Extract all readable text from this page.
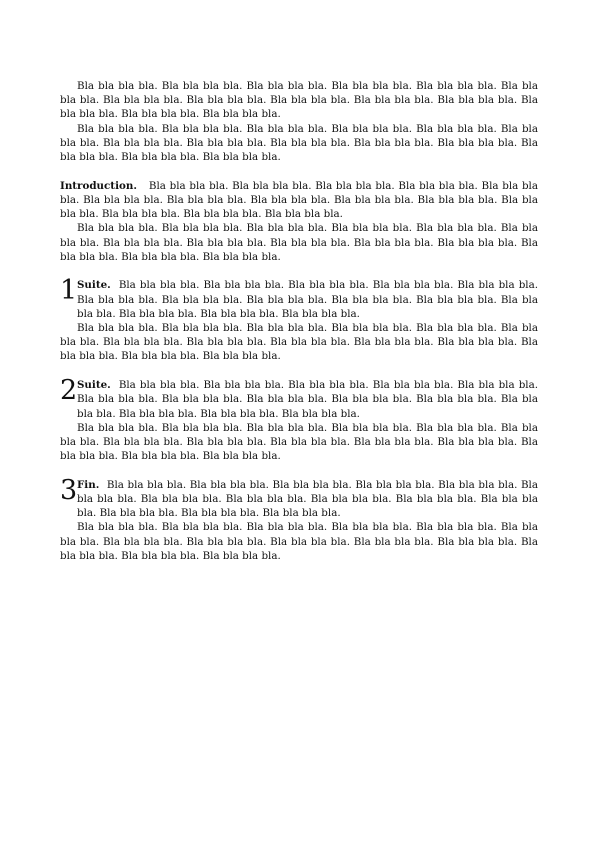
Bla bla bla bla. Bla bla bla bla. Bla bla bla bla. Bla bla bla bla. Bla bla bla bla. Bla bla bla bla. Bla bla bla bla. Bla bla bla bla. Bla bla bla bla. Bla bla bla bla. Bla bla bla bla. Bla bla bla bla. Bla bla bla bla. Bla bla bla bla.

Bla bla bla bla. Bla bla bla bla. Bla bla bla bla. Bla bla bla bla. Bla bla bla bla. Bla bla bla bla. Bla bla bla bla. Bla bla bla bla. Bla bla bla bla. Bla bla bla bla. Bla bla bla bla. Bla bla bla bla. Bla bla bla bla. Bla bla bla bla.

Introduction. Bla bla bla bla. Bla bla bla bla. Bla bla bla bla. Bla bla bla bla. Bla bla bla bla. Bla bla bla bla. Bla bla bla bla. Bla bla bla bla. Bla bla bla bla. Bla bla bla bla. Bla bla bla bla. Bla bla bla bla. Bla bla bla bla. Bla bla bla bla.

Bla bla bla bla. Bla bla bla bla. Bla bla bla bla. Bla bla bla bla. Bla bla bla bla. Bla bla bla bla. Bla bla bla bla. Bla bla bla bla. Bla bla bla bla. Bla bla bla bla. Bla bla bla bla. Bla bla bla bla. Bla bla bla bla. Bla bla bla bla.

1 Suite. Bla bla bla bla. Bla bla bla bla. Bla bla bla bla. Bla bla bla bla. Bla bla bla bla. Bla bla bla bla. Bla bla bla bla. Bla bla bla bla. Bla bla bla bla. Bla bla bla bla. Bla bla bla bla. Bla bla bla bla. Bla bla bla bla. Bla bla bla bla.

Bla bla bla bla. Bla bla bla bla. Bla bla bla bla. Bla bla bla bla. Bla bla bla bla. Bla bla bla bla. Bla bla bla bla. Bla bla bla bla. Bla bla bla bla. Bla bla bla bla. Bla bla bla bla. Bla bla bla bla. Bla bla bla bla. Bla bla bla bla.

2 Suite. Bla bla bla bla. Bla bla bla bla. Bla bla bla bla. Bla bla bla bla. Bla bla bla bla. Bla bla bla bla. Bla bla bla bla. Bla bla bla bla. Bla bla bla bla. Bla bla bla bla. Bla bla bla bla. Bla bla bla bla. Bla bla bla bla. Bla bla bla bla.

Bla bla bla bla. Bla bla bla bla. Bla bla bla bla. Bla bla bla bla. Bla bla bla bla. Bla bla bla bla. Bla bla bla bla. Bla bla bla bla. Bla bla bla bla. Bla bla bla bla. Bla bla bla bla. Bla bla bla bla. Bla bla bla bla. Bla bla bla bla.

3 Fin. Bla bla bla bla. Bla bla bla bla. Bla bla bla bla. Bla bla bla bla. Bla bla bla bla. Bla bla bla bla. Bla bla bla bla. Bla bla bla bla. Bla bla bla bla. Bla bla bla bla. Bla bla bla bla. Bla bla bla bla. Bla bla bla bla. Bla bla bla bla.

Bla bla bla bla. Bla bla bla bla. Bla bla bla bla. Bla bla bla bla. Bla bla bla bla. Bla bla bla bla. Bla bla bla bla. Bla bla bla bla. Bla bla bla bla. Bla bla bla bla. Bla bla bla bla. Bla bla bla bla. Bla bla bla bla. Bla bla bla bla.
